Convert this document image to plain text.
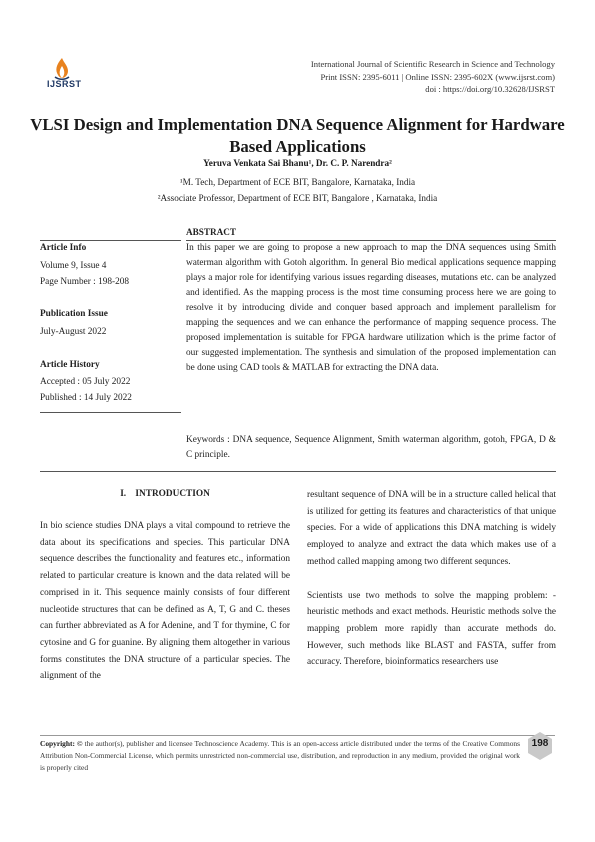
IJSRST
International Journal of Scientific Research in Science and Technology
Print ISSN: 2395-6011 | Online ISSN: 2395-602X (www.ijsrst.com)
doi : https://doi.org/10.32628/IJSRST
VLSI Design and Implementation DNA Sequence Alignment for Hardware Based Applications
Yeruva Venkata Sai Bhanu¹, Dr. C. P. Narendra²
¹M. Tech, Department of ECE BIT, Bangalore, Karnataka, India
²Associate Professor, Department of ECE BIT, Bangalore , Karnataka, India
Article Info
Volume 9, Issue 4
Page Number : 198-208
Publication Issue
July-August 2022
Article History
Accepted : 05 July 2022
Published : 14 July 2022
ABSTRACT
In this paper we are going to propose a new approach to map the DNA sequences using Smith waterman algorithm with Gotoh algorithm. In general Bio medical applications sequence mapping plays a major role for identifying various issues regarding diseases, mutations etc. can be analyzed and identified. As the mapping process is the most time consuming process here we are going to resolve it by introducing divide and conquer based approach and implement parallelism for mapping the sequences and we can enhance the performance of mapping sequence process. The proposed implementation is suitable for FPGA hardware utilization which is the prime factor of our suggested implementation. The synthesis and simulation of the proposed implementation can be done using CAD tools & MATLAB for extracting the DNA data.
Keywords : DNA sequence, Sequence Alignment, Smith waterman algorithm, gotoh, FPGA, D & C principle.
I.    INTRODUCTION

In bio science studies DNA plays a vital compound to retrieve the data about its specifications and species. This particular DNA sequence describes the functionality and features etc., information related to particular creature is known and the data related will be comprised in it. This sequence mainly consists of four different nucleotide structures that can be defined as A, T, G and C. theses can further abbreviated as A for Adenine, and T for thymine, C for cytosine and G for guanine. By aligning them altogether in various forms constitutes the DNA structure of a particular species. The alignment of the

resultant sequence of DNA will be in a structure called helical that is utilized for getting its features and characteristics of that unique species. For a wide of applications this DNA matching is widely employed to analyze and extract the data which makes use of a method called mapping among two different sequnces.

Scientists use two methods to solve the mapping problem: - heuristic methods and exact methods. Heuristic methods solve the mapping problem more rapidly than accurate methods do. However, such methods like BLAST and FASTA, suffer from accuracy. Therefore, bioinformatics researchers use

Copyright: © the author(s), publisher and licensee Technoscience Academy. This is an open-access article distributed under the terms of the Creative Commons Attribution Non-Commercial License, which permits unrestricted non-commercial use, distribution, and reproduction in any medium, provided the original work is properly cited
198
